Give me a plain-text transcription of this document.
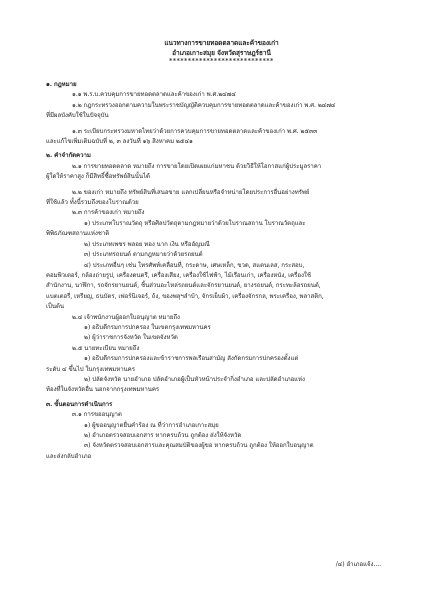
แนวทางการขายทอดตลาดและค้าของเก่า
อำเภอเกาะสมุย จังหวัดสุราษฎร์ธานี
****************************

๑. กฎหมาย

๑.๑ พ.ร.บ.ควบคุมการขายทอดตลาดและค้าของเก่า พ.ศ.๒๔๗๔

๑.๒ กฎกระทรวงออกตามความในพระราชบัญญัติควบคุมการขายทอดตลาดและค้าของเก่า พ.ศ. ๒๔๗๔

ที่มีผลบังคับใช้ในปัจจุบัน

๑.๓ ระเบียบกระทรวงมหาดไทยว่าด้วยการควบคุมการขายทอดตลาดและค้าของเก่า พ.ศ. ๒๕๓๓

และแก้ไขเพิ่มเติมฉบับที่ ๒, ๓ ลงวันที่ ๑๖ สิงหาคม ๒๕๔๑

๒. คำจำกัดความ

๒.๑ การขายทอดตลาด หมายถึง การขายโดยเปิดเผยแก่มหาชน ด้วยวิธีให้โอกาสแก่ผู้ประมูลราคา

ผู้ใดให้ราคาสูง ก็มีสิทธิ์ซื้อทรัพย์สินนั้นได้

๒.๒ ของเก่า หมายถึง ทรัพย์สินที่เสนอขาย แลกเปลี่ยนหรือจำหน่ายโดยประการอื่นอย่างทรัพย์

ที่ใช้แล้ว ทั้งนี้รวมถึงของโบราณด้วย

๒.๓ การค้าของเก่า หมายถึง

๑) ประเภทโบราณวัตถุ หรือศิลปวัตถุตามกฎหมายว่าด้วยโบราณสถาน โบราณวัตถุและ

พิพิธภัณฑสถานแห่งชาติ

๒) ประเภทเพชร พลอย ทอง นาก เงิน หรืออัญมณี

๓) ประเภทรถยนต์ ตามกฎหมายว่าด้วยรถยนต์

๔) ประเภทอื่นๆ เช่น โทรศัพท์เคลื่อนที่, กระดาษ, เศษเหล็ก, ขวด, สแตนเลส, กระสอบ,

คอมพิวเตอร์, กล้องถ่ายรูป, เครื่องดนตรี, เครื่องเสียง, เครื่องใช้ไฟฟ้า, ไม้เรือนเก่า, เครื่องหนัง, เครื่องใช้

สำนักงาน, นาฬิกา, รถจักรยานยนต์, ชิ้นส่วนอะไหล่รถยนต์และจักรยานยนต์, ยางรถยนต์, กระทะล้อรถยนต์,

แบตเตอรี่, เหรียญ, ธนบัตร, เฟอร์นิเจอร์, ถ้ง, ของพลุฯลำบ้า, จักรเย็บผ้า, เครื่องจักรกล, พระเครื่อง, พลาสติก,

เป็นต้น

๒.๔ เจ้าพนักงานผู้ออกใบอนุญาต หมายถึง

๑) อธิบดีกรมการปกครอง ในเขตกรุงเทพมหานคร

๒) ผู้ว่าราชการจังหวัด ในเขตจังหวัด

๒.๕ นายทะเบียน หมายถึง

๑) อธิบดีกรมการปกครองและข้าราชการพลเรือนสามัญ สังกัดกรมการปกครองตั้งแต่

ระดับ ๔ ขึ้นไป ในกรุงเทพมหานคร

๒) ปลัดจังหวัด นายอำเภอ ปลัดอำเภอผู้เป็นหัวหน้าประจำกิ่งอำเภอ และปลัดอำเภอแห่ง

ท้องที่ในจังหวัดอื่น นอกจากกรุงเทพมหานคร

๓. ขั้นตอนการดำเนินการ

๓.๑ การขออนุญาต

๑) ผู้ขออนุญาตยื่นคำร้อง ณ ที่ว่าการอำเภอเกาะสมุย

๒) อำเภอตรวจสอบเอกสาร หากครบถ้วน ถูกต้อง ส่งให้จังหวัด

๓) จังหวัดตรวจสอบเอกสารและคุณสมบัติของผู้ขอ หากครบถ้วน ถูกต้อง ให้ออกใบอนุญาต

และส่งกลับอำเภอ

/๔) อำเภอแจ้ง....
